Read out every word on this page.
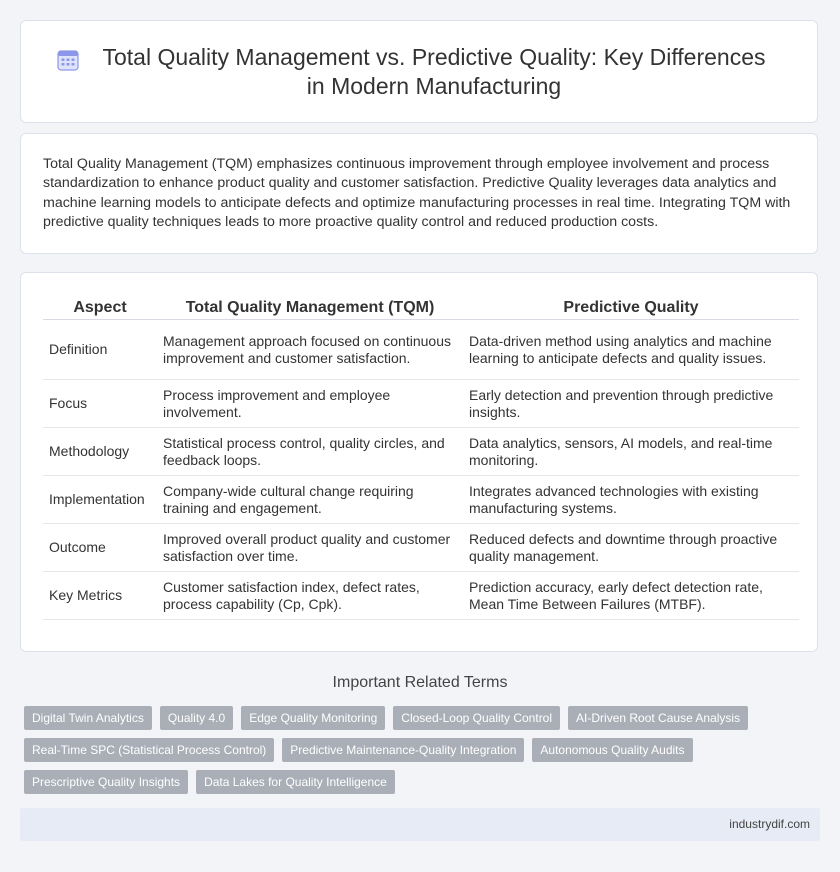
Total Quality Management vs. Predictive Quality: Key Differences in Modern Manufacturing

Total Quality Management (TQM) emphasizes continuous improvement through employee involvement and process standardization to enhance product quality and customer satisfaction. Predictive Quality leverages data analytics and machine learning models to anticipate defects and optimize manufacturing processes in real time. Integrating TQM with predictive quality techniques leads to more proactive quality control and reduced production costs.

Aspect	Total Quality Management (TQM)	Predictive Quality
Definition	Management approach focused on continuous improvement and customer satisfaction.	Data-driven method using analytics and machine learning to anticipate defects and quality issues.
Focus	Process improvement and employee involvement.	Early detection and prevention through predictive insights.
Methodology	Statistical process control, quality circles, and feedback loops.	Data analytics, sensors, AI models, and real-time monitoring.
Implementation	Company-wide cultural change requiring training and engagement.	Integrates advanced technologies with existing manufacturing systems.
Outcome	Improved overall product quality and customer satisfaction over time.	Reduced defects and downtime through proactive quality management.
Key Metrics	Customer satisfaction index, defect rates, process capability (Cp, Cpk).	Prediction accuracy, early defect detection rate, Mean Time Between Failures (MTBF).
Important Related Terms
Digital Twin Analytics	Quality 4.0	Edge Quality Monitoring	Closed-Loop Quality Control	AI-Driven Root Cause Analysis
Real-Time SPC (Statistical Process Control)	Predictive Maintenance-Quality Integration	Autonomous Quality Audits
Prescriptive Quality Insights	Data Lakes for Quality Intelligence
industrydif.com
